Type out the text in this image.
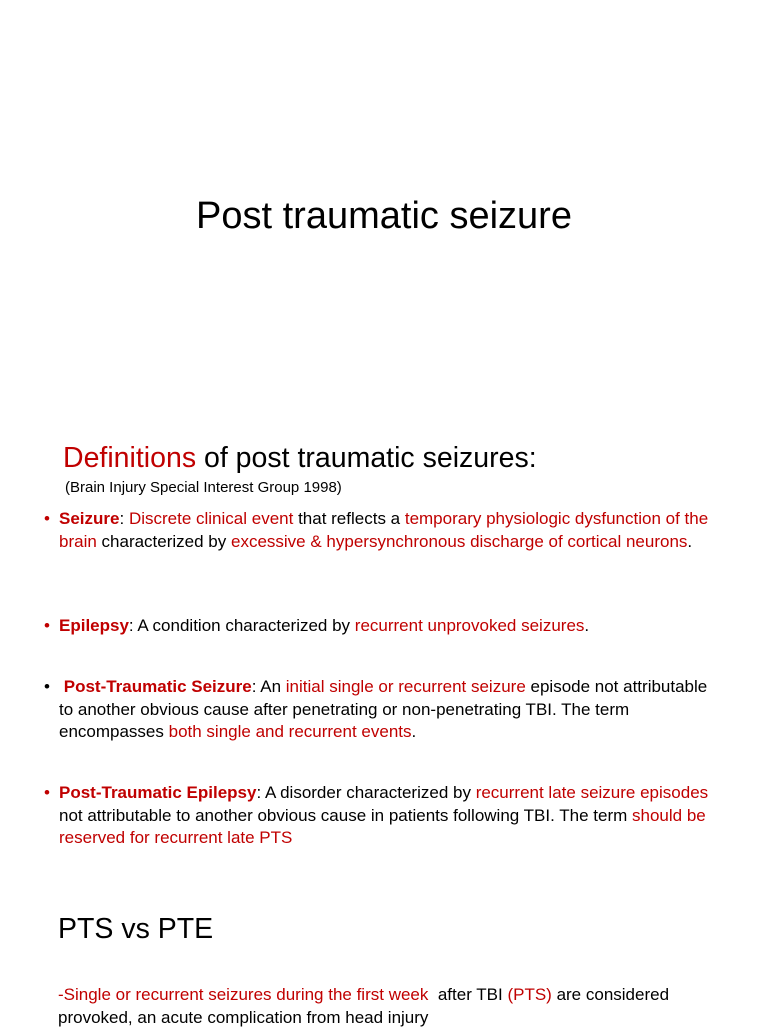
Post traumatic seizure
Definitions of post traumatic seizures:
(Brain Injury Special Interest Group 1998)
• Seizure: Discrete clinical event that reflects a temporary physiologic dysfunction of the brain characterized by excessive & hypersynchronous discharge of cortical neurons.
• Epilepsy: A condition characterized by recurrent unprovoked seizures.
• Post-Traumatic Seizure: An initial single or recurrent seizure episode not attributable to another obvious cause after penetrating or non-penetrating TBI. The term encompasses both single and recurrent events.
• Post-Traumatic Epilepsy: A disorder characterized by recurrent late seizure episodes not attributable to another obvious cause in patients following TBI. The term should be reserved for recurrent late PTS
PTS vs PTE
-Single or recurrent seizures during the first week  after TBI (PTS) are considered provoked, an acute complication from head injury
